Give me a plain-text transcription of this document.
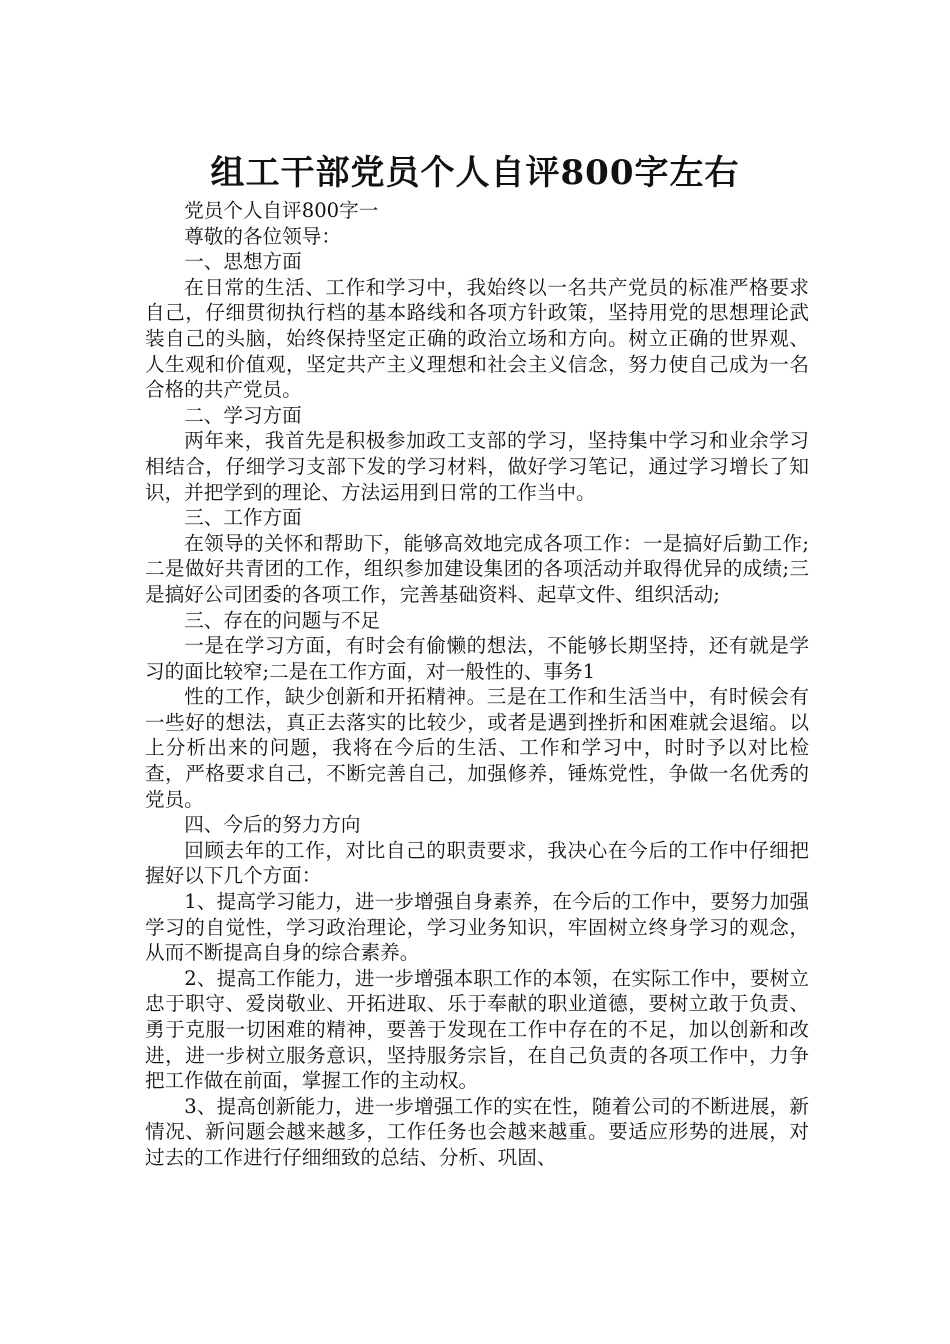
组工干部党员个人自评800字左右

党员个人自评800字一

尊敬的各位领导：

一、思想方面

在日常的生活、工作和学习中，我始终以一名共产党员的标准严格要求自己，仔细贯彻执行档的基本路线和各项方针政策，坚持用党的思想理论武装自己的头脑，始终保持坚定正确的政治立场和方向。树立正确的世界观、人生观和价值观，坚定共产主义理想和社会主义信念，努力使自己成为一名合格的共产党员。

二、学习方面

两年来，我首先是积极参加政工支部的学习，坚持集中学习和业余学习相结合，仔细学习支部下发的学习材料，做好学习笔记，通过学习增长了知识，并把学到的理论、方法运用到日常的工作当中。

三、工作方面

在领导的关怀和帮助下，能够高效地完成各项工作：一是搞好后勤工作;二是做好共青团的工作，组织参加建设集团的各项活动并取得优异的成绩;三是搞好公司团委的各项工作，完善基础资料、起草文件、组织活动;

三、存在的问题与不足

一是在学习方面，有时会有偷懒的想法，不能够长期坚持，还有就是学习的面比较窄;二是在工作方面，对一般性的、事务1

性的工作，缺少创新和开拓精神。三是在工作和生活当中，有时候会有一些好的想法，真正去落实的比较少，或者是遇到挫折和困难就会退缩。以上分析出来的问题，我将在今后的生活、工作和学习中，时时予以对比检查，严格要求自己，不断完善自己，加强修养，锤炼党性，争做一名优秀的党员。

四、今后的努力方向

回顾去年的工作，对比自己的职责要求，我决心在今后的工作中仔细把握好以下几个方面：

1、提高学习能力，进一步增强自身素养，在今后的工作中，要努力加强学习的自觉性，学习政治理论，学习业务知识，牢固树立终身学习的观念，从而不断提高自身的综合素养。

2、提高工作能力，进一步增强本职工作的本领，在实际工作中，要树立忠于职守、爱岗敬业、开拓进取、乐于奉献的职业道德，要树立敢于负责、勇于克服一切困难的精神，要善于发现在工作中存在的不足，加以创新和改进，进一步树立服务意识，坚持服务宗旨，在自己负责的各项工作中，力争把工作做在前面，掌握工作的主动权。

3、提高创新能力，进一步增强工作的实在性，随着公司的不断进展，新情况、新问题会越来越多，工作任务也会越来越重。要适应形势的进展，对过去的工作进行仔细细致的总结、分析、巩固、
